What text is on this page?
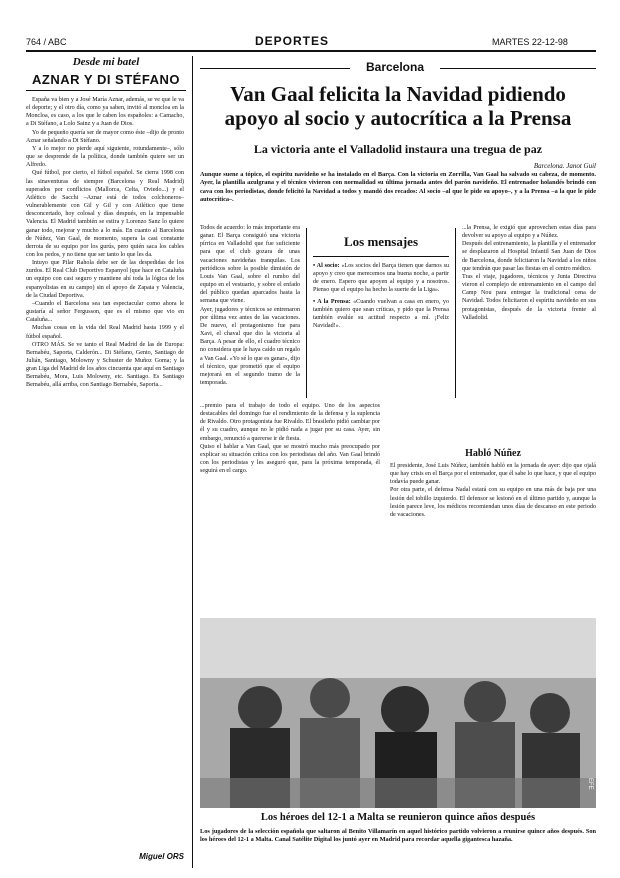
764 / ABC	DEPORTES	MARTES 22-12-98
Desde mi batel
AZNAR Y DI STÉFANO

España va bien y a José María Aznar, además, se ve que le va el deporte; y el otro día, como ya saben, invitó al moncloa en la Moncloa, es caso, a los que le caben los españoles: a Camacho, a Di Stéfano, a Lolo Sainz y a Juan de Dios.

Yo de pequeño quería ser de mayor como éste –dijo de pronto Aznar señalando a Di Stéfano.

Y a lo mejor no pierde aquí siguiente, rotundamente–, sólo que se desprende de la política, donde también quiere ser un Alfredo.

Qué fútbol, por cierto, el fútbol español. Se cierra 1998 con las sinaventuras de siempre (Barcelona y Real Madrid) superados por conflictos (Mallorca, Celta, Oviedo...) y el Atlético de Sacchi –Aznar está de todos colchoneros– vulnerablemente con Gil y Gil y con Atlético que tiene desconcertado, hoy colosal y días después, en la impensable Valencia. El Madrid también se estira y Lorenzo Sanz lo quiere ganar todo, mejorar y mucho a lo más. En cuanto al Barcelona de Núñez, Van Gaal, de momento, supera la casi constante derrota de su equipo por los gurús, pero quién saca los cables con los pedos, y no tiene que ser tanto lo que les da.

Intuyo que Pilar Rahola debe ser de las despedidas de los zurdos. El Real Club Deportivo Espanyol (que hace en Cataluña un equipo con casi seguro y mantiene ahí toda la lógica de los espanyolistas en su campo) sin el apoyo de Zapata y Valencia, de la Ciudad Deportiva.

–Cuando el Barcelona sea tan espectacular como ahora le gustaría al señor Fergusson, que es el mismo que vio en Cataluña...

Muchas cosas en la vida del Real Madrid hasta 1999 y el fútbol español.

OTRO MÁS. Se ve tanto el Real Madrid de las de Europa: Bernabéu, Saporta, Calderón... Di Stéfano, Gento, Santiago de Julián, Santiago, Molowny y Schuster de Muñoz Goma; y la gran Liga del Madrid de los años cincuenta que aquí en Santiago Bernabéu, Mora, Luis Molowny, etc. Santiago. Es Santiago Bernabéu, allá arriba, con Santiago Bernabéu, Saporta...

Miguel ORS
Barcelona
Van Gaal felicita la Navidad pidiendo apoyo al socio y autocrítica a la Prensa
La victoria ante el Valladolid instaura una tregua de paz
Barcelona. Janot Guil
Aunque suene a tópico, el espíritu navideño se ha instalado en el Barça. Con la victoria en Zorrilla, Van Gaal ha salvado su cabeza, de momento. Ayer, la plantilla azulgrana y el técnico vivieron con normalidad su última jornada antes del parón navideño. El entrenador holandés brindó con cava con los periodistas, donde felicitó la Navidad a todos y mandó dos recados: Al socio –al que le pide su apoyo–, y a la Prensa –a la que le pide autocrítica–.

Todos de acuerdo: lo más importante era ganar. El Barça consiguió una victoria pírrica en Valladolid que fue suficiente para que el club gozara de unas vacaciones navideñas tranquilas. Los periódicos sobre la posible dimisión de Louis Van Gaal, sobre el rumbo del equipo en el vestuario, y sobre el enfado del público quedan aparcados hasta la semana que viene.
Ayer, jugadores y técnicos se entrenaron por última vez antes de las vacaciones. De nuevo, el protagonismo fue para Xavi, el chaval que dio la victoria al Barça. A pesar de ello, el cuadro técnico no considera que le haya caído un regalo a Van Gaal. «Yo sé lo que es ganar», dijo el técnico, que prometió que el equipo mejorará en el segundo tramo de la temporada.

...premio para el trabajo de todo el equipo. Uno de los aspectos destacables del domingo fue el rendimiento de la defensa y la suplencia de Rivaldo. Otro protagonista fue Rivaldo. El brasileño pidió cambiar por él y su cuadro, aunque no le pidió nada a jugar por su casa. Ayer, sin embargo, renunció a quererse ir de fiesta.
Quiso el hablar a Van Gaal, que se mostró mucho más preocupado por explicar su situación crítica con los periodistas del año. Van Gaal brindó con los periodistas y les aseguró que, para la próxima temporada, él seguirá en el cargo.

Los mensajes

• Al socio: «Los socios del Barça tienen que darnos su apoyo y creo que merecemos una buena noche, a partir de enero. Espero que apoyen al equipo y a nosotros. Pienso que el equipo ha hecho la suerte de la Liga».

• A la Prensa: «Cuando vuelvan a casa en enero, yo también quiero que sean críticas, y pido que la Prensa también evalúe su actitud respecto a mí. ¡Feliz Navidad!».

...la Prensa, le exigió que aprovechen estas días para devolver su apoyo al equipo y a Núñez.
Después del entrenamiento, la plantilla y el entrenador se desplazaron al Hospital Infantil San Juan de Dios de Barcelona, donde felicitaron la Navidad a los niños que tendrán que pasar las fiestas en el centro médico.
Tras el viaje, jugadores, técnicos y Junta Directiva vieron el complejo de entrenamiento en el campo del Camp Nou para entregar la tradicional cena de Navidad. Todos felicitaron el espíritu navideño en sus protagonistas, después de la victoria frente al Valladolid.

Habló Núñez

El presidente, José Luis Núñez, también habló en la jornada de ayer: dijo que ojalá que hay crisis en el Barça por el entrenador, que él sabe lo que hace, y que el equipo todavía puede ganar.
Por otra parte, el defensa Nadal estará con su equipo en una más de baja por una lesión del tobillo izquierdo. El defensor se lesionó en el último partido y, aunque la lesión parece leve, los médicos recomiendan unos días de descanso en este periodo de vacaciones.

EFE
Los héroes del 12-1 a Malta se reunieron quince años después
Los jugadores de la selección española que saltaron al Benito Villamarín en aquel histórico partido volvieron a reunirse quince años después. Son los héroes del 12-1 a Malta. Canal Satélite Digital los juntó ayer en Madrid para recordar aquella gigantesca hazaña.
